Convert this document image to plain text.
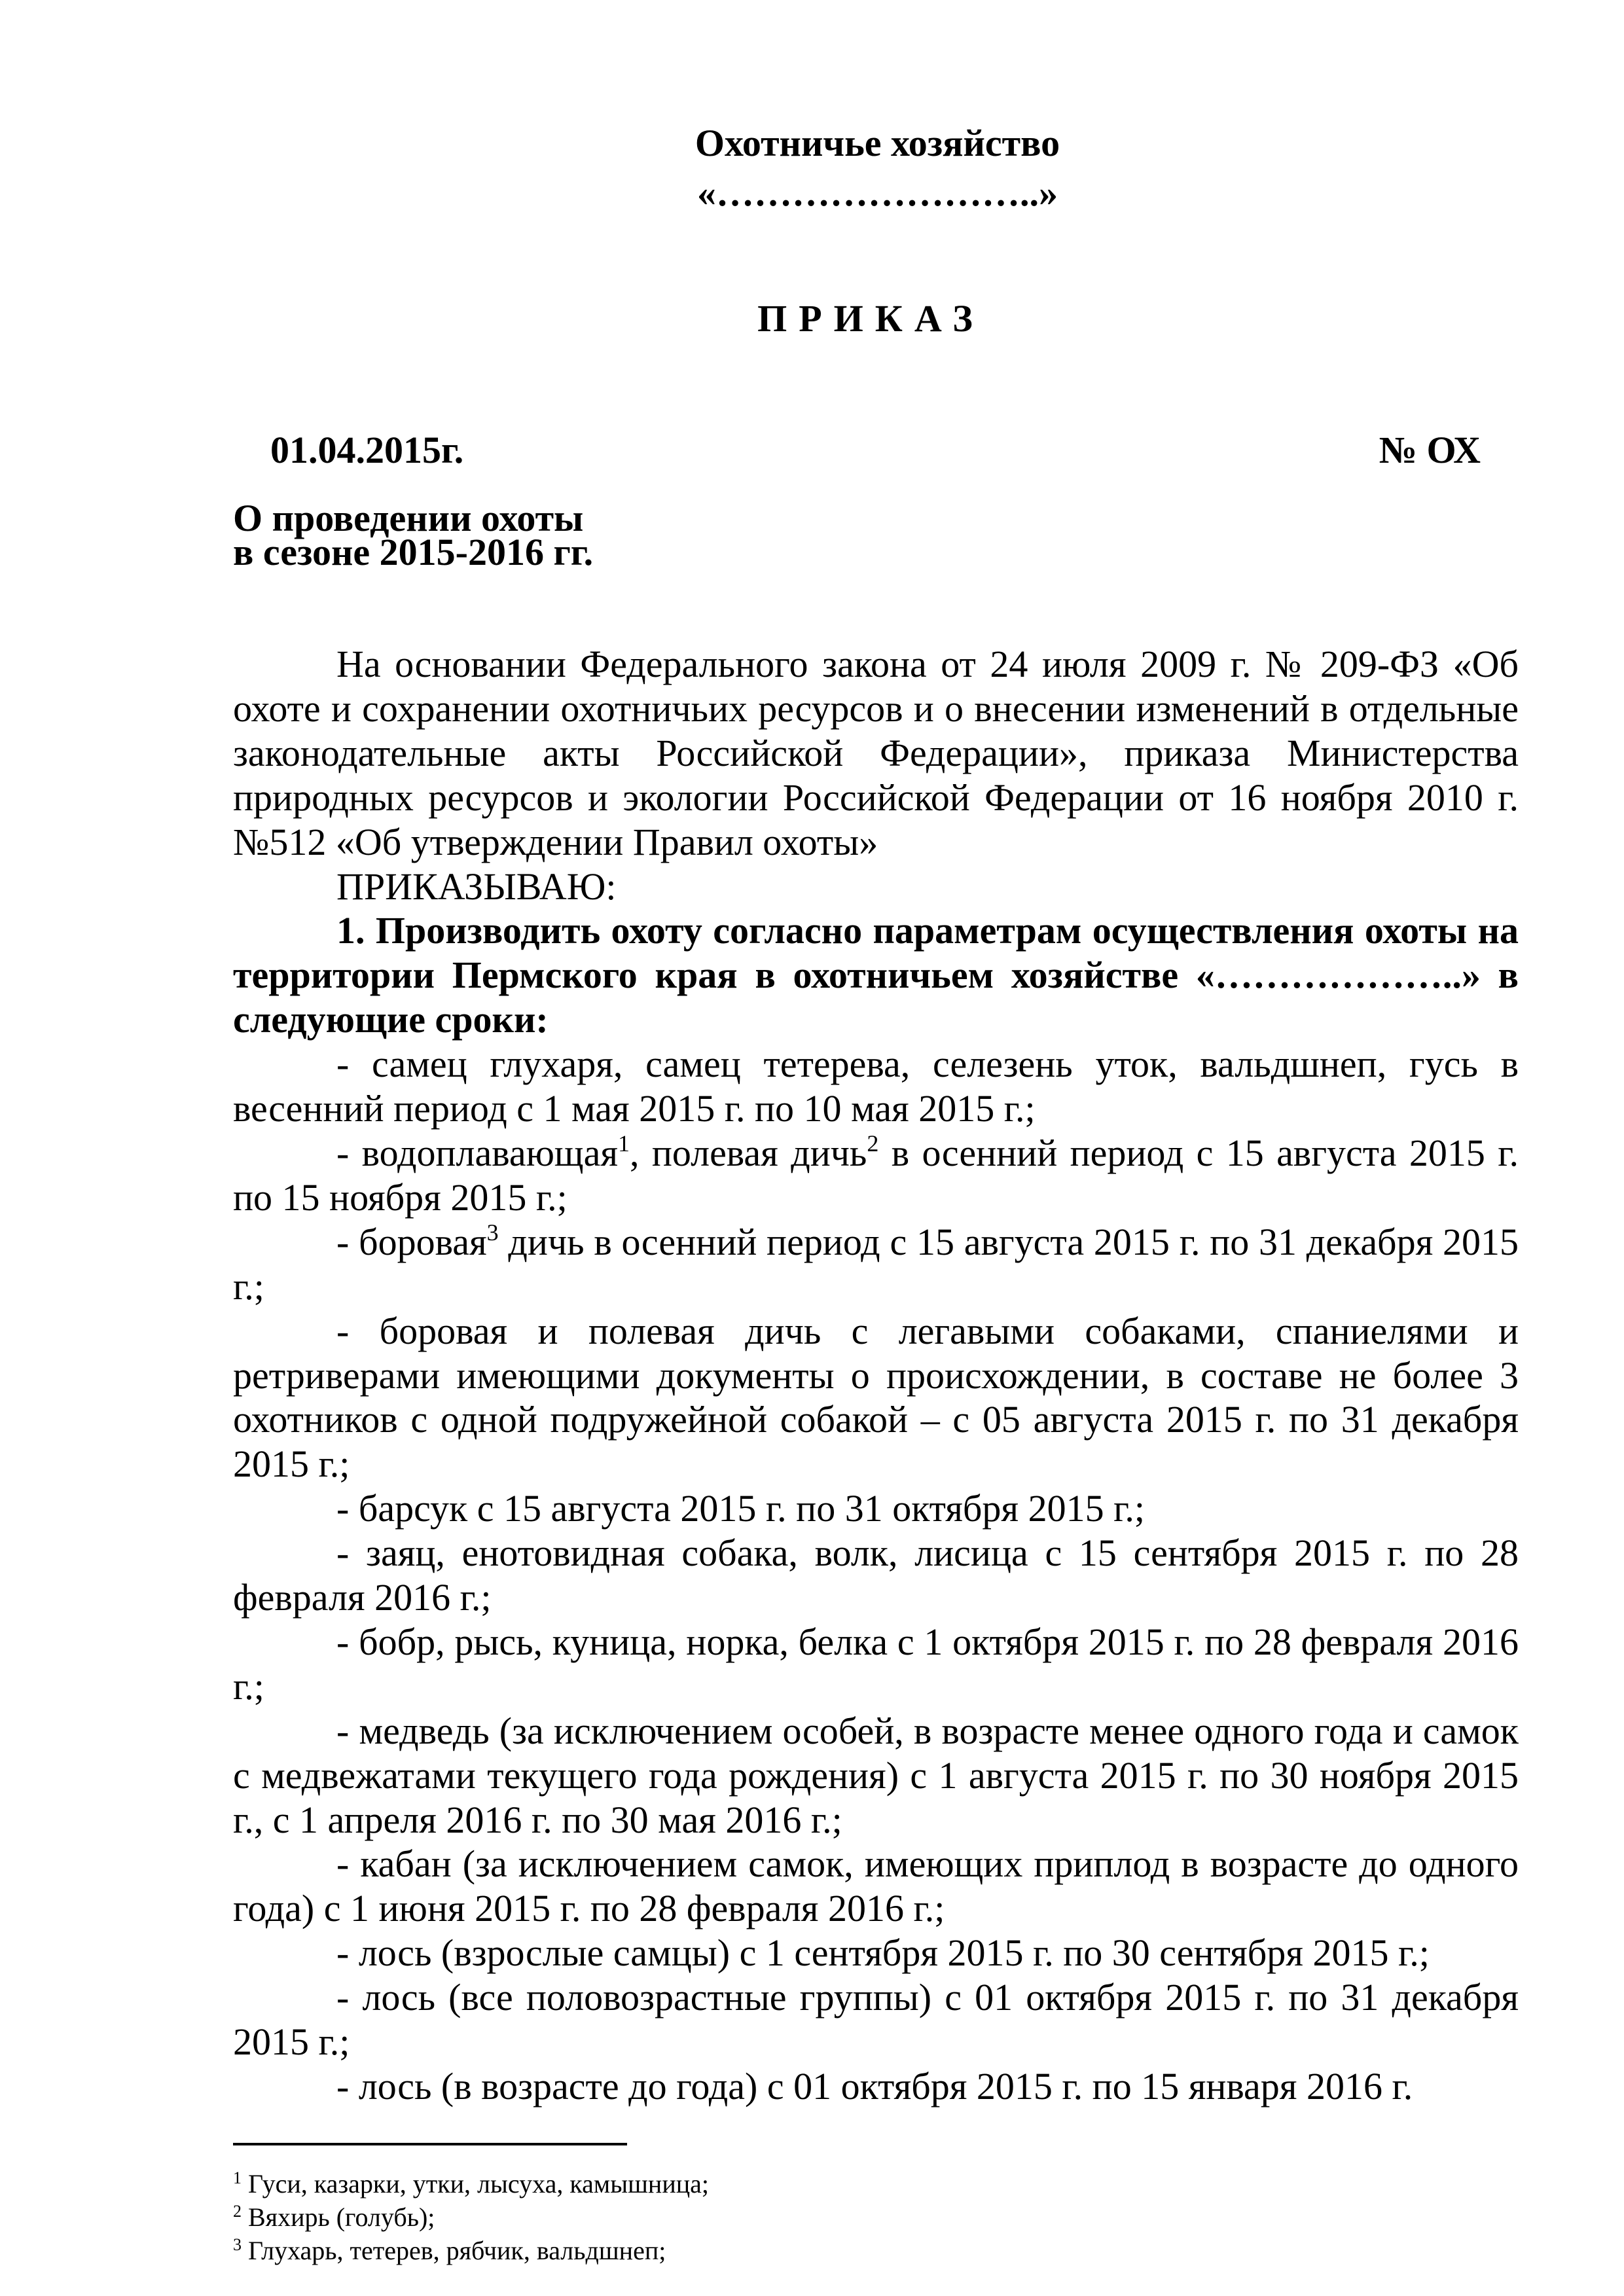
Охотничье хозяйство
«……………………..»
ПРИКАЗ
01.04.2015г.	№ ОХ
О проведении охоты
в сезоне 2015-2016 гг.

На основании Федерального закона от 24 июля 2009 г. № 209-ФЗ «Об охоте и сохранении охотничьих ресурсов и о внесении изменений в отдельные законодательные акты Российской Федерации», приказа Министерства природных ресурсов и экологии Российской Федерации от 16 ноября 2010 г. №512 «Об утверждении Правил охоты»

ПРИКАЗЫВАЮ:

1. Производить охоту согласно параметрам осуществления охоты на территории Пермского края в охотничьем хозяйстве «………………..» в следующие сроки:

- самец глухаря, самец тетерева, селезень уток, вальдшнеп, гусь в весенний период с 1 мая 2015 г. по 10 мая 2015 г.;

- водоплавающая$^1$, полевая дичь$^2$ в осенний период с 15 августа 2015 г. по 15 ноября 2015 г.;

- боровая$^3$ дичь в осенний период с 15 августа 2015 г. по 31 декабря 2015 г.;

- боровая и полевая дичь с легавыми собаками, спаниелями и ретриверами имеющими документы о происхождении, в составе не более 3 охотников с одной подружейной собакой – с 05 августа 2015 г. по 31 декабря 2015 г.;

- барсук с 15 августа 2015 г. по 31 октября 2015 г.;

- заяц, енотовидная собака, волк, лисица с 15 сентября 2015 г. по 28 февраля 2016 г.;

- бобр, рысь, куница, норка, белка с 1 октября 2015 г. по 28 февраля 2016 г.;

- медведь (за исключением особей, в возрасте менее одного года и самок с медвежатами текущего года рождения) с 1 августа 2015 г. по 30 ноября 2015 г., с 1 апреля 2016 г. по 30 мая 2016 г.;

- кабан (за исключением самок, имеющих приплод в возрасте до одного года) с 1 июня 2015 г. по 28 февраля 2016 г.;

- лось (взрослые самцы) с 1 сентября 2015 г. по 30 сентября 2015 г.;

- лось (все половозрастные группы) с 01 октября 2015 г. по 31 декабря 2015 г.;

- лось (в возрасте до года) с 01 октября 2015 г. по 15 января 2016 г.

$^1$ Гуси, казарки, утки, лысуха, камышница;
$^2$ Вяхирь (голубь);
$^3$ Глухарь, тетерев, рябчик, вальдшнеп;
